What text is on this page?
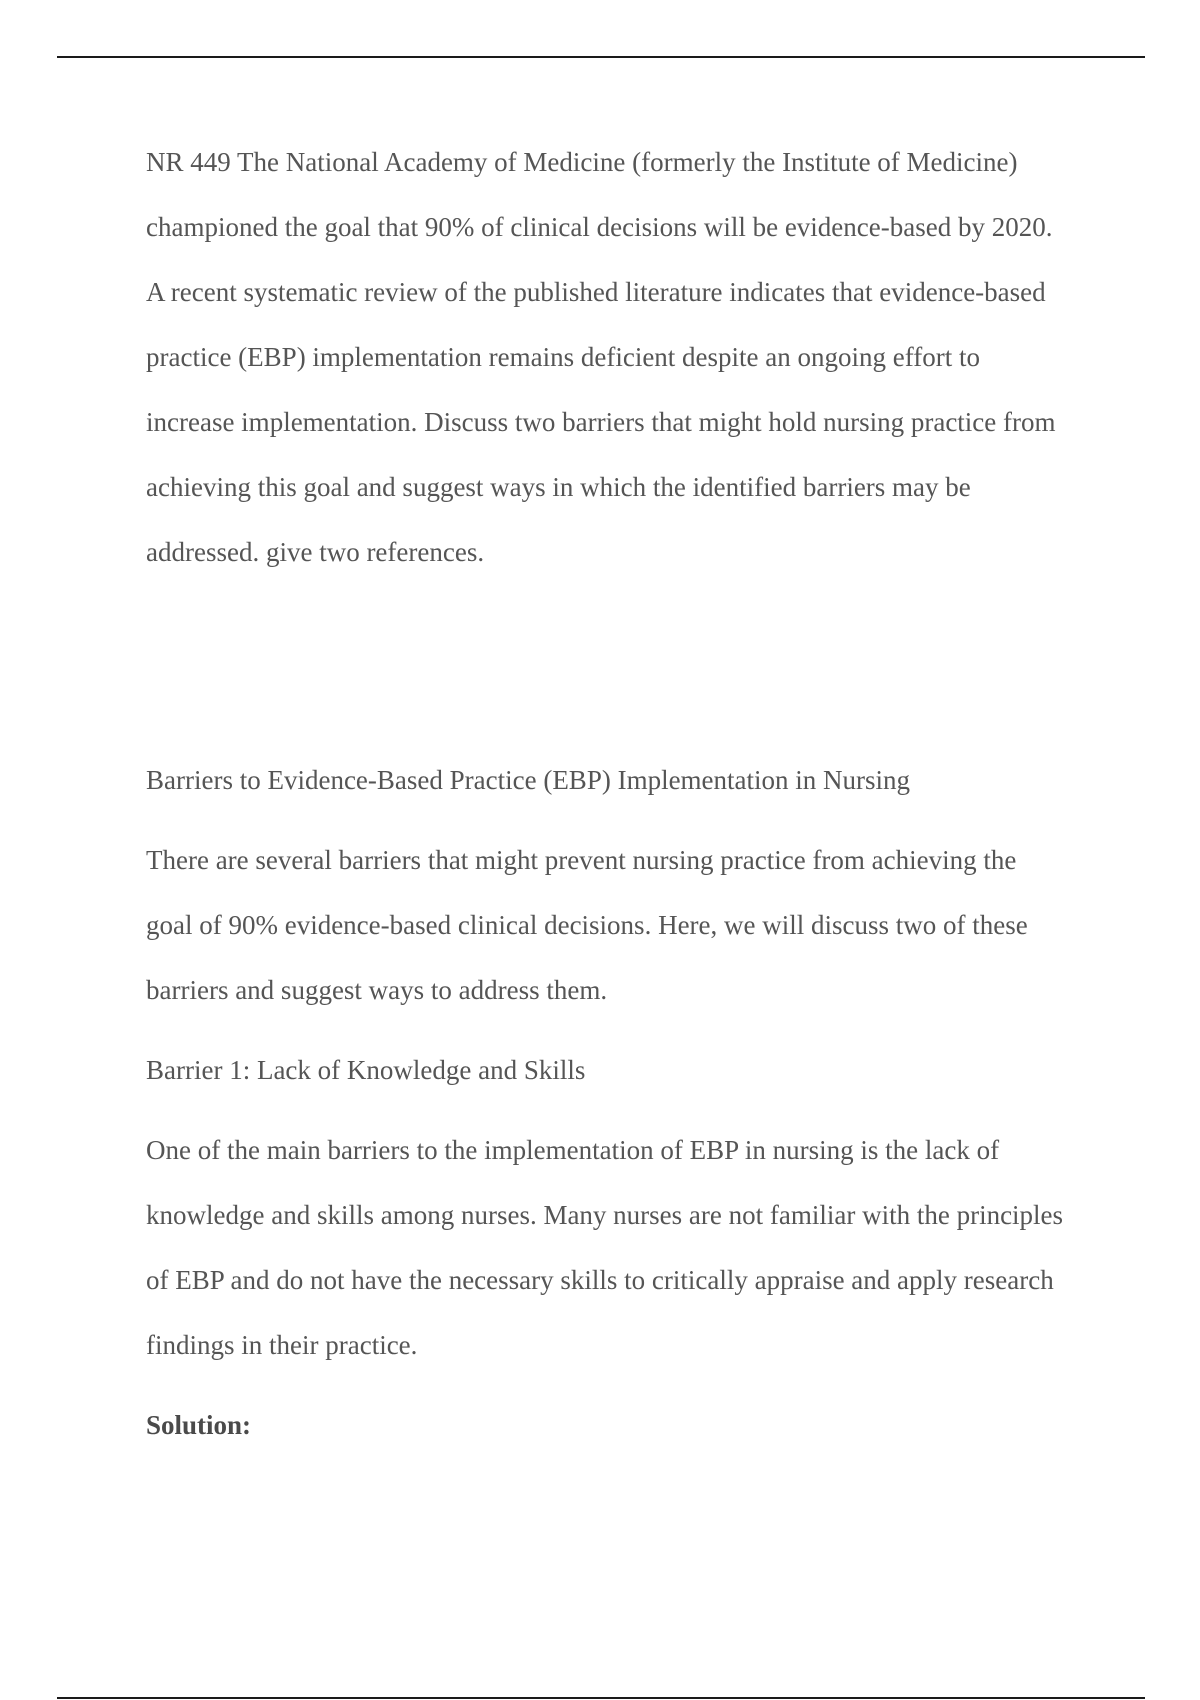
NR 449 The National Academy of Medicine (formerly the Institute of Medicine) championed the goal that 90% of clinical decisions will be evidence-based by 2020. A recent systematic review of the published literature indicates that evidence-based practice (EBP) implementation remains deficient despite an ongoing effort to increase implementation. Discuss two barriers that might hold nursing practice from achieving this goal and suggest ways in which the identified barriers may be addressed. give two references.

Barriers to Evidence-Based Practice (EBP) Implementation in Nursing

There are several barriers that might prevent nursing practice from achieving the goal of 90% evidence-based clinical decisions. Here, we will discuss two of these barriers and suggest ways to address them.

Barrier 1: Lack of Knowledge and Skills

One of the main barriers to the implementation of EBP in nursing is the lack of knowledge and skills among nurses. Many nurses are not familiar with the principles of EBP and do not have the necessary skills to critically appraise and apply research findings in their practice.

Solution:
